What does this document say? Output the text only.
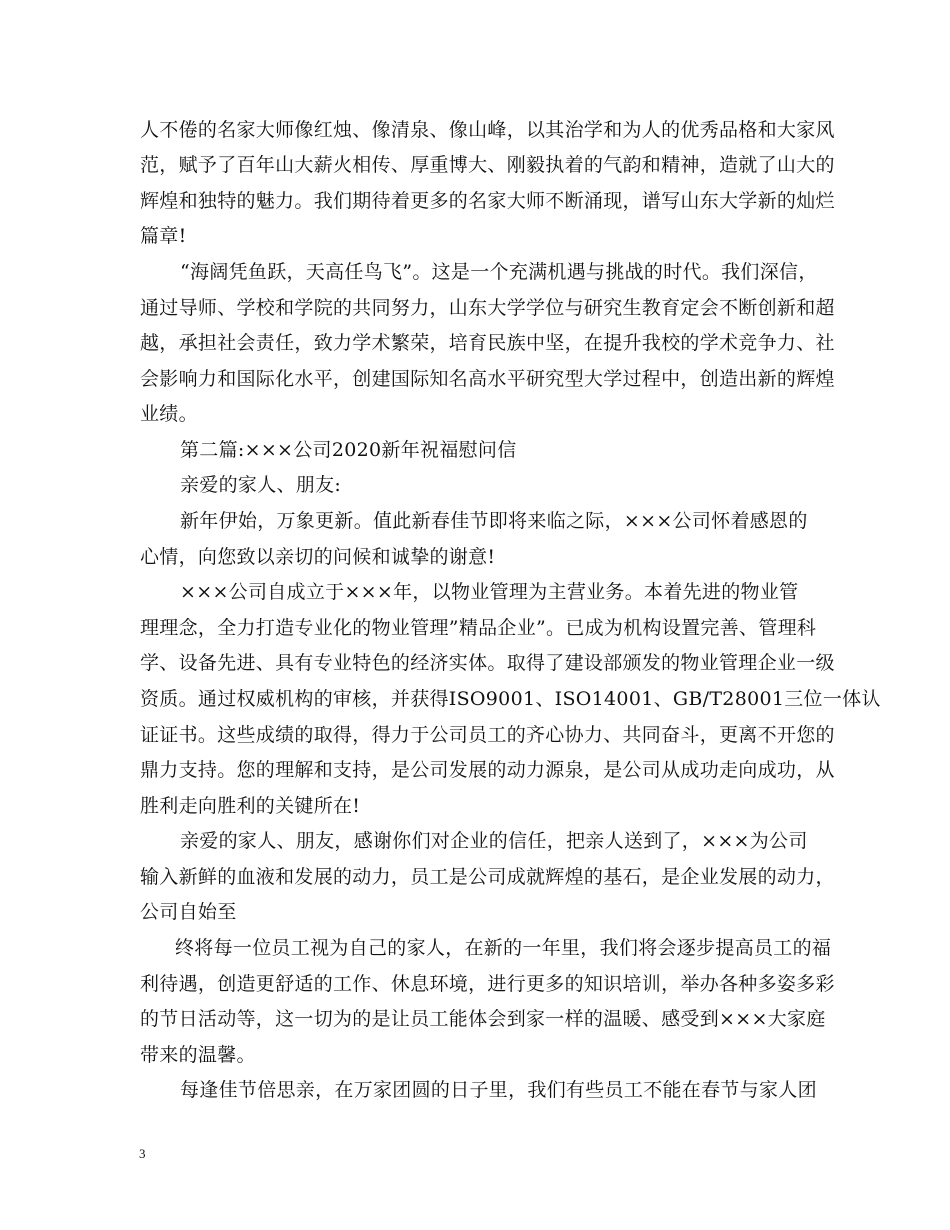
人不倦的名家大师像红烛、像清泉、像山峰，以其治学和为人的优秀品格和大家风
范，赋予了百年山大薪火相传、厚重博大、刚毅执着的气韵和精神，造就了山大的
辉煌和独特的魅力。我们期待着更多的名家大师不断涌现，谱写山东大学新的灿烂
篇章!
“海阔凭鱼跃，天高任鸟飞”。这是一个充满机遇与挑战的时代。我们深信，
通过导师、学校和学院的共同努力，山东大学学位与研究生教育定会不断创新和超
越，承担社会责任，致力学术繁荣，培育民族中坚，在提升我校的学术竞争力、社
会影响力和国际化水平，创建国际知名高水平研究型大学过程中，创造出新的辉煌
业绩。
第二篇:×××公司2020新年祝福慰问信
亲爱的家人、朋友:
新年伊始，万象更新。值此新春佳节即将来临之际，×××公司怀着感恩的
心情，向您致以亲切的问候和诚挚的谢意!
×××公司自成立于×××年，以物业管理为主营业务。本着先进的物业管
理理念，全力打造专业化的物业管理”精品企业”。已成为机构设置完善、管理科
学、设备先进、具有专业特色的经济实体。取得了建设部颁发的物业管理企业一级
资质。通过权威机构的审核，并获得ISO9001、ISO14001、GB/T28001三位一体认
证证书。这些成绩的取得，得力于公司员工的齐心协力、共同奋斗，更离不开您的
鼎力支持。您的理解和支持，是公司发展的动力源泉，是公司从成功走向成功，从
胜利走向胜利的关键所在!
亲爱的家人、朋友，感谢你们对企业的信任，把亲人送到了，×××为公司
输入新鲜的血液和发展的动力，员工是公司成就辉煌的基石，是企业发展的动力，
公司自始至
终将每一位员工视为自己的家人，在新的一年里，我们将会逐步提高员工的福
利待遇，创造更舒适的工作、休息环境，进行更多的知识培训，举办各种多姿多彩
的节日活动等，这一切为的是让员工能体会到家一样的温暖、感受到×××大家庭
带来的温馨。
每逢佳节倍思亲，在万家团圆的日子里，我们有些员工不能在春节与家人团
3
